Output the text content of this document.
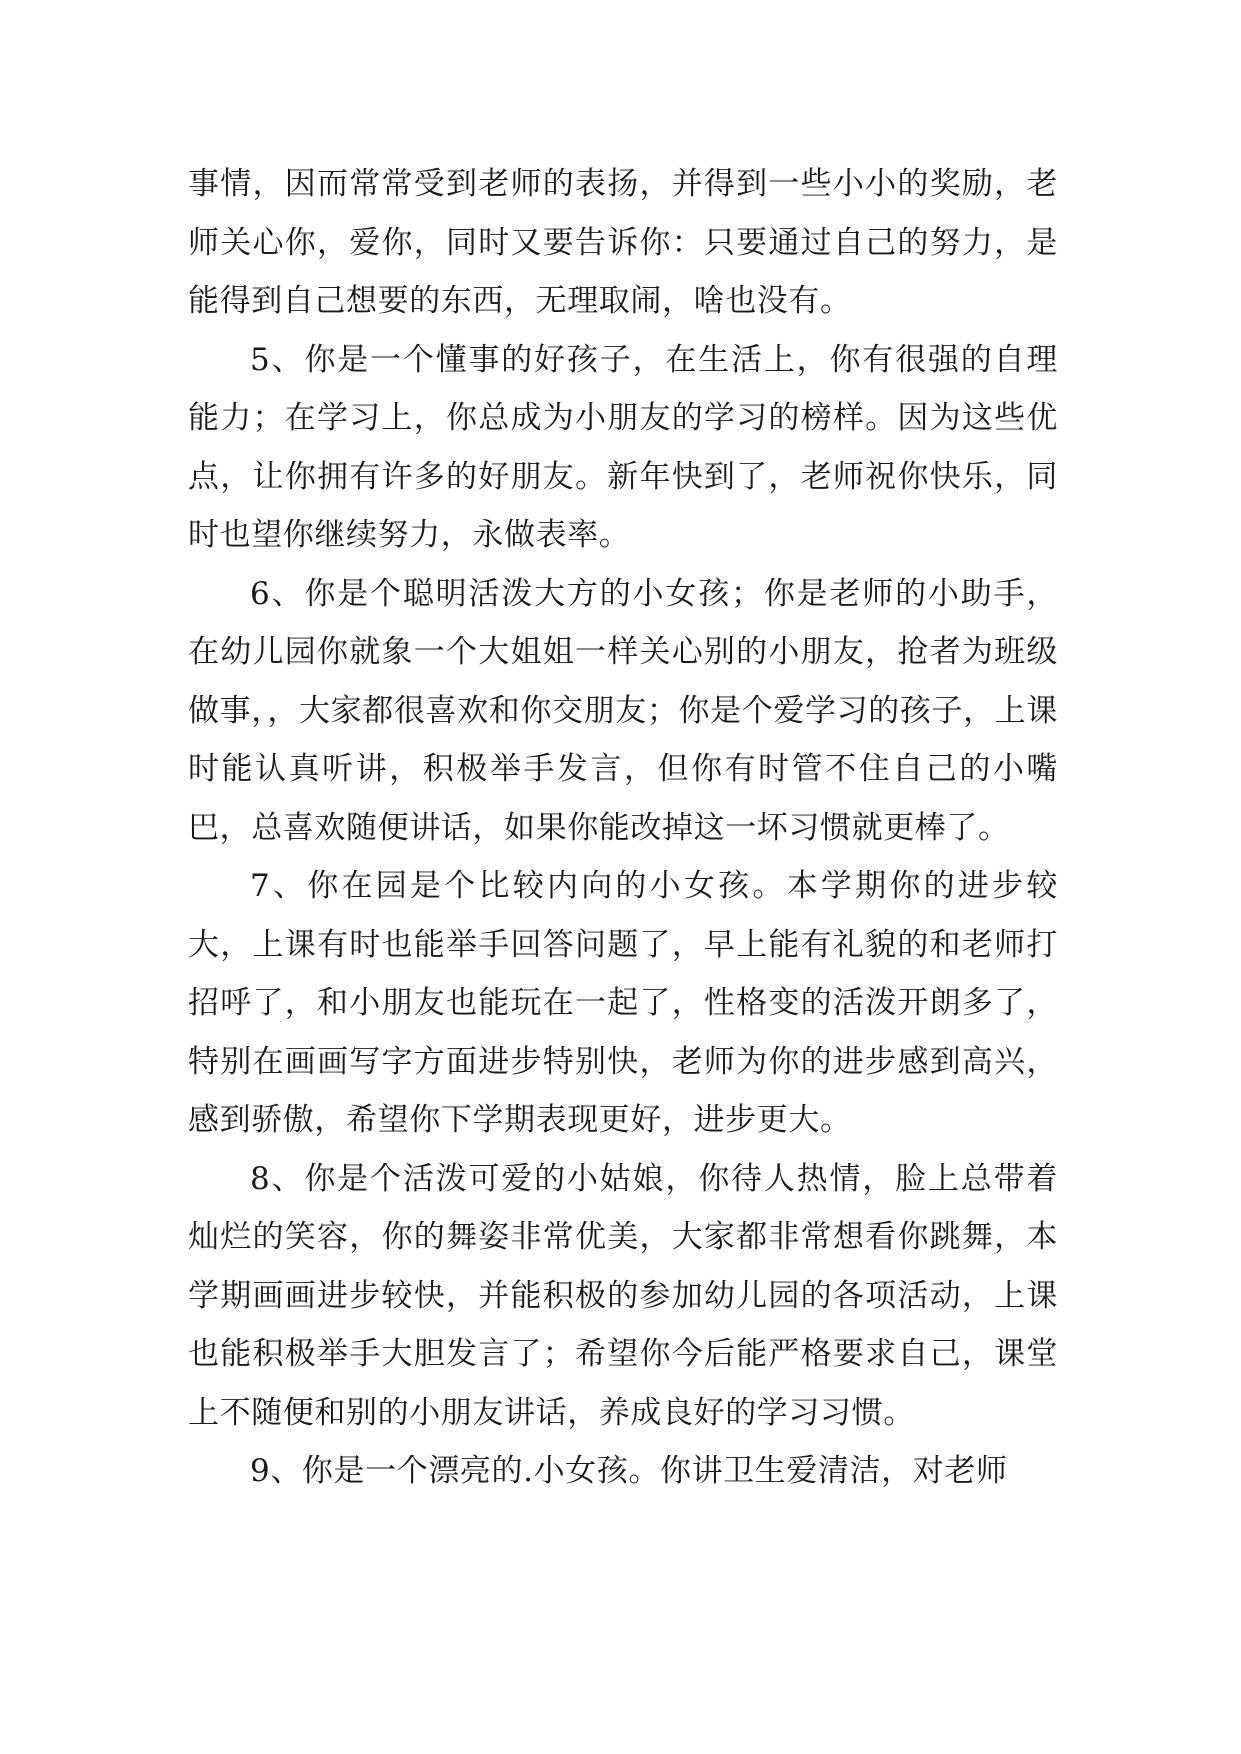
事情，因而常常受到老师的表扬，并得到一些小小的奖励，老师关心你，爱你，同时又要告诉你：只要通过自己的努力，是能得到自己想要的东西，无理取闹，啥也没有。

5、你是一个懂事的好孩子，在生活上，你有很强的自理能力；在学习上，你总成为小朋友的学习的榜样。因为这些优点，让你拥有许多的好朋友。新年快到了，老师祝你快乐，同时也望你继续努力，永做表率。

6、你是个聪明活泼大方的小女孩；你是老师的小助手，在幼儿园你就象一个大姐姐一样关心别的小朋友，抢者为班级做事，，大家都很喜欢和你交朋友；你是个爱学习的孩子，上课时能认真听讲，积极举手发言，但你有时管不住自己的小嘴巴，总喜欢随便讲话，如果你能改掉这一坏习惯就更棒了。

7、你在园是个比较内向的小女孩。本学期你的进步较大，上课有时也能举手回答问题了，早上能有礼貌的和老师打招呼了，和小朋友也能玩在一起了，性格变的活泼开朗多了，特别在画画写字方面进步特别快，老师为你的进步感到高兴，感到骄傲，希望你下学期表现更好，进步更大。

8、你是个活泼可爱的小姑娘，你待人热情，脸上总带着灿烂的笑容，你的舞姿非常优美，大家都非常想看你跳舞，本学期画画进步较快，并能积极的参加幼儿园的各项活动，上课也能积极举手大胆发言了；希望你今后能严格要求自己，课堂上不随便和别的小朋友讲话，养成良好的学习习惯。

9、你是一个漂亮的.小女孩。你讲卫生爱清洁，对老师
